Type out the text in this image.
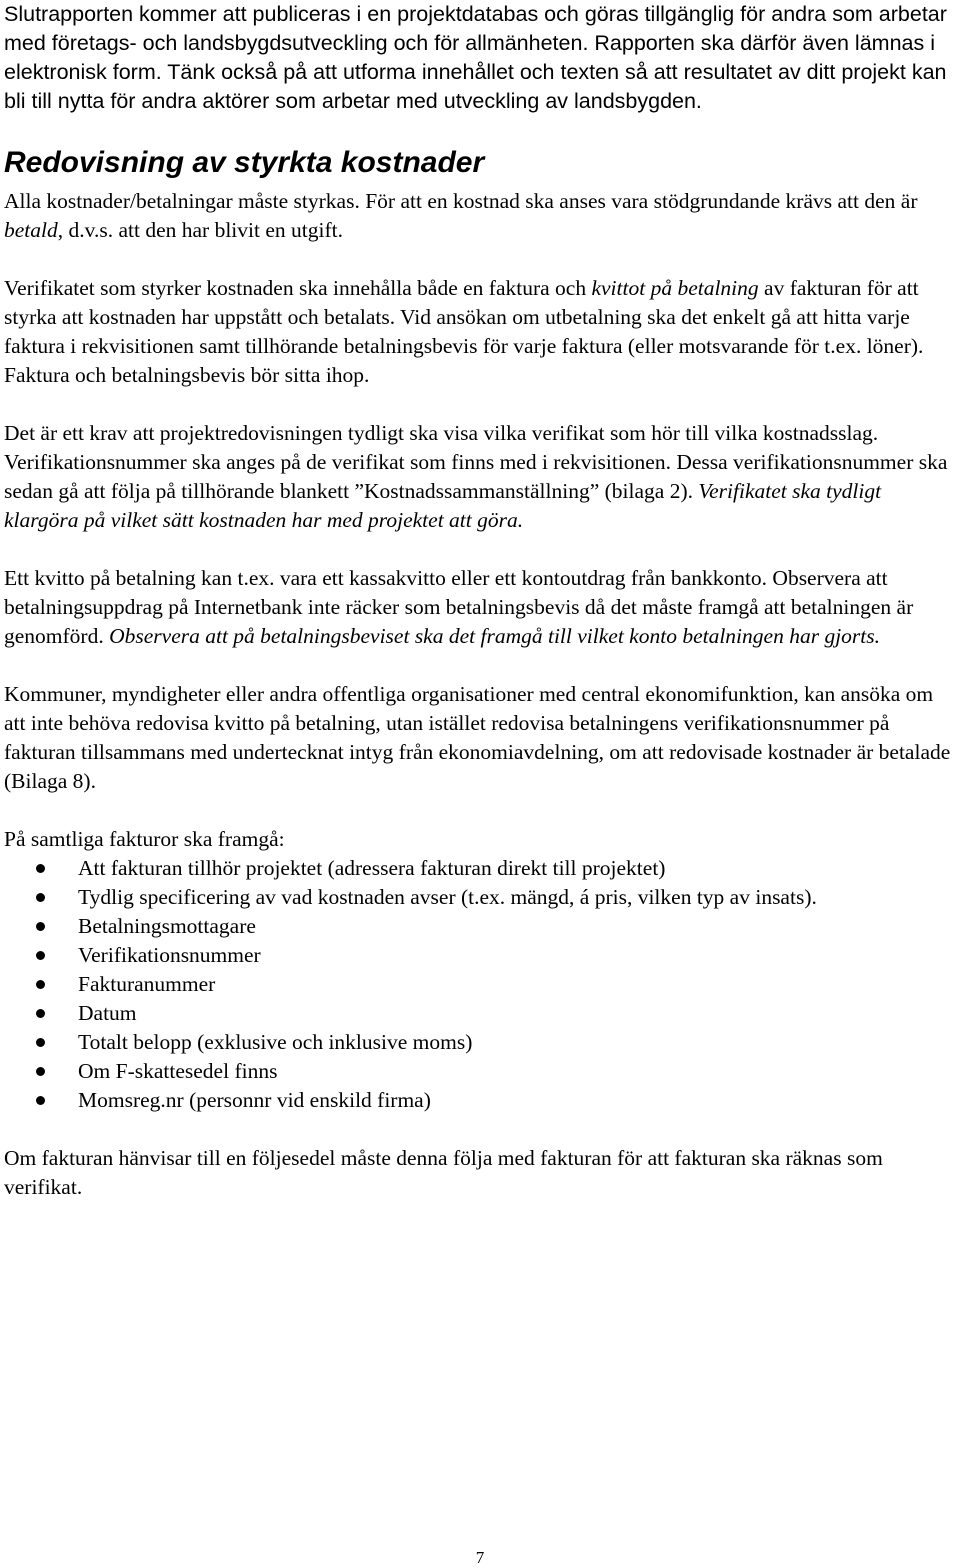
Slutrapporten kommer att publiceras i en projektdatabas och göras tillgänglig för andra som arbetar med företags- och landsbygdsutveckling och för allmänheten. Rapporten ska därför även lämnas i elektronisk form. Tänk också på att utforma innehållet och texten så att resultatet av ditt projekt kan bli till nytta för andra aktörer som arbetar med utveckling av landsbygden.

Redovisning av styrkta kostnader

Alla kostnader/betalningar måste styrkas. För att en kostnad ska anses vara stödgrundande krävs att den är betald, d.v.s. att den har blivit en utgift.

Verifikatet som styrker kostnaden ska innehålla både en faktura och kvittot på betalning av fakturan för att styrka att kostnaden har uppstått och betalats. Vid ansökan om utbetalning ska det enkelt gå att hitta varje faktura i rekvisitionen samt tillhörande betalningsbevis för varje faktura (eller motsvarande för t.ex. löner). Faktura och betalningsbevis bör sitta ihop.

Det är ett krav att projektredovisningen tydligt ska visa vilka verifikat som hör till vilka kostnadsslag. Verifikationsnummer ska anges på de verifikat som finns med i rekvisitionen. Dessa verifikationsnummer ska sedan gå att följa på tillhörande blankett ”Kostnadssammanställning” (bilaga 2). Verifikatet ska tydligt klargöra på vilket sätt kostnaden har med projektet att göra.

Ett kvitto på betalning kan t.ex. vara ett kassakvitto eller ett kontoutdrag från bankkonto. Observera att betalningsuppdrag på Internetbank inte räcker som betalningsbevis då det måste framgå att betalningen är genomförd. Observera att på betalningsbeviset ska det framgå till vilket konto betalningen har gjorts.

Kommuner, myndigheter eller andra offentliga organisationer med central ekonomifunktion, kan ansöka om att inte behöva redovisa kvitto på betalning, utan istället redovisa betalningens verifikationsnummer på fakturan tillsammans med undertecknat intyg från ekonomiavdelning, om att redovisade kostnader är betalade (Bilaga 8).

På samtliga fakturor ska framgå:

Att fakturan tillhör projektet (adressera fakturan direkt till projektet)
Tydlig specificering av vad kostnaden avser (t.ex. mängd, á pris, vilken typ av insats).
Betalningsmottagare
Verifikationsnummer
Fakturanummer
Datum
Totalt belopp (exklusive och inklusive moms)
Om F-skattesedel finns
Momsreg.nr (personnr vid enskild firma)

Om fakturan hänvisar till en följesedel måste denna följa med fakturan för att fakturan ska räknas som verifikat.

7
